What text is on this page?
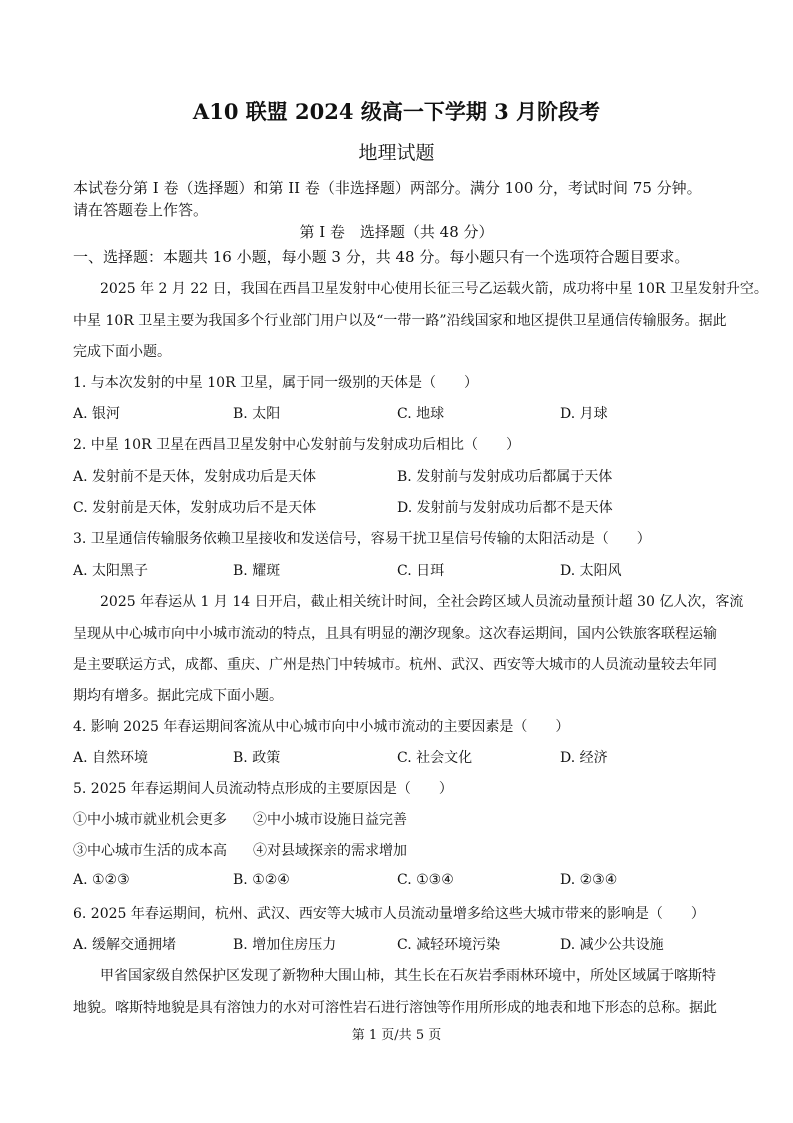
A10 联盟 2024 级高一下学期 3 月阶段考
地理试题
本试卷分第 I 卷（选择题）和第 II 卷（非选择题）两部分。满分 100 分，考试时间 75 分钟。
请在答题卷上作答。
第 I 卷　选择题（共 48 分）
一、选择题：本题共 16 小题，每小题 3 分，共 48 分。每小题只有一个选项符合题目要求。
2025 年 2 月 22 日，我国在西昌卫星发射中心使用长征三号乙运载火箭，成功将中星 10R 卫星发射升空。
中星 10R 卫星主要为我国多个行业部门用户以及“一带一路”沿线国家和地区提供卫星通信传输服务。据此
完成下面小题。
1. 与本次发射的中星 10R 卫星，属于同一级别的天体是（　　）
A. 银河	B. 太阳	C. 地球	D. 月球
2. 中星 10R 卫星在西昌卫星发射中心发射前与发射成功后相比（　　）
A. 发射前不是天体，发射成功后是天体	B. 发射前与发射成功后都属于天体
C. 发射前是天体，发射成功后不是天体	D. 发射前与发射成功后都不是天体
3. 卫星通信传输服务依赖卫星接收和发送信号，容易干扰卫星信号传输的太阳活动是（　　）
A. 太阳黑子	B. 耀斑	C. 日珥	D. 太阳风
2025 年春运从 1 月 14 日开启，截止相关统计时间，全社会跨区域人员流动量预计超 30 亿人次，客流
呈现从中心城市向中小城市流动的特点，且具有明显的潮汐现象。这次春运期间，国内公铁旅客联程运输
是主要联运方式，成都、重庆、广州是热门中转城市。杭州、武汉、西安等大城市的人员流动量较去年同
期均有增多。据此完成下面小题。
4. 影响 2025 年春运期间客流从中心城市向中小城市流动的主要因素是（　　）
A. 自然环境	B. 政策	C. 社会文化	D. 经济
5. 2025 年春运期间人员流动特点形成的主要原因是（　　）
①中小城市就业机会更多 ②中小城市设施日益完善
③中心城市生活的成本高 ④对县域探亲的需求增加
A. ①②③	B. ①②④	C. ①③④	D. ②③④
6. 2025 年春运期间，杭州、武汉、西安等大城市人员流动量增多给这些大城市带来的影响是（　　）
A. 缓解交通拥堵	B. 增加住房压力	C. 减轻环境污染	D. 减少公共设施
甲省国家级自然保护区发现了新物种大围山柿，其生长在石灰岩季雨林环境中，所处区域属于喀斯特
地貌。喀斯特地貌是具有溶蚀力的水对可溶性岩石进行溶蚀等作用所形成的地表和地下形态的总称。据此
第 1 页/共 5 页
